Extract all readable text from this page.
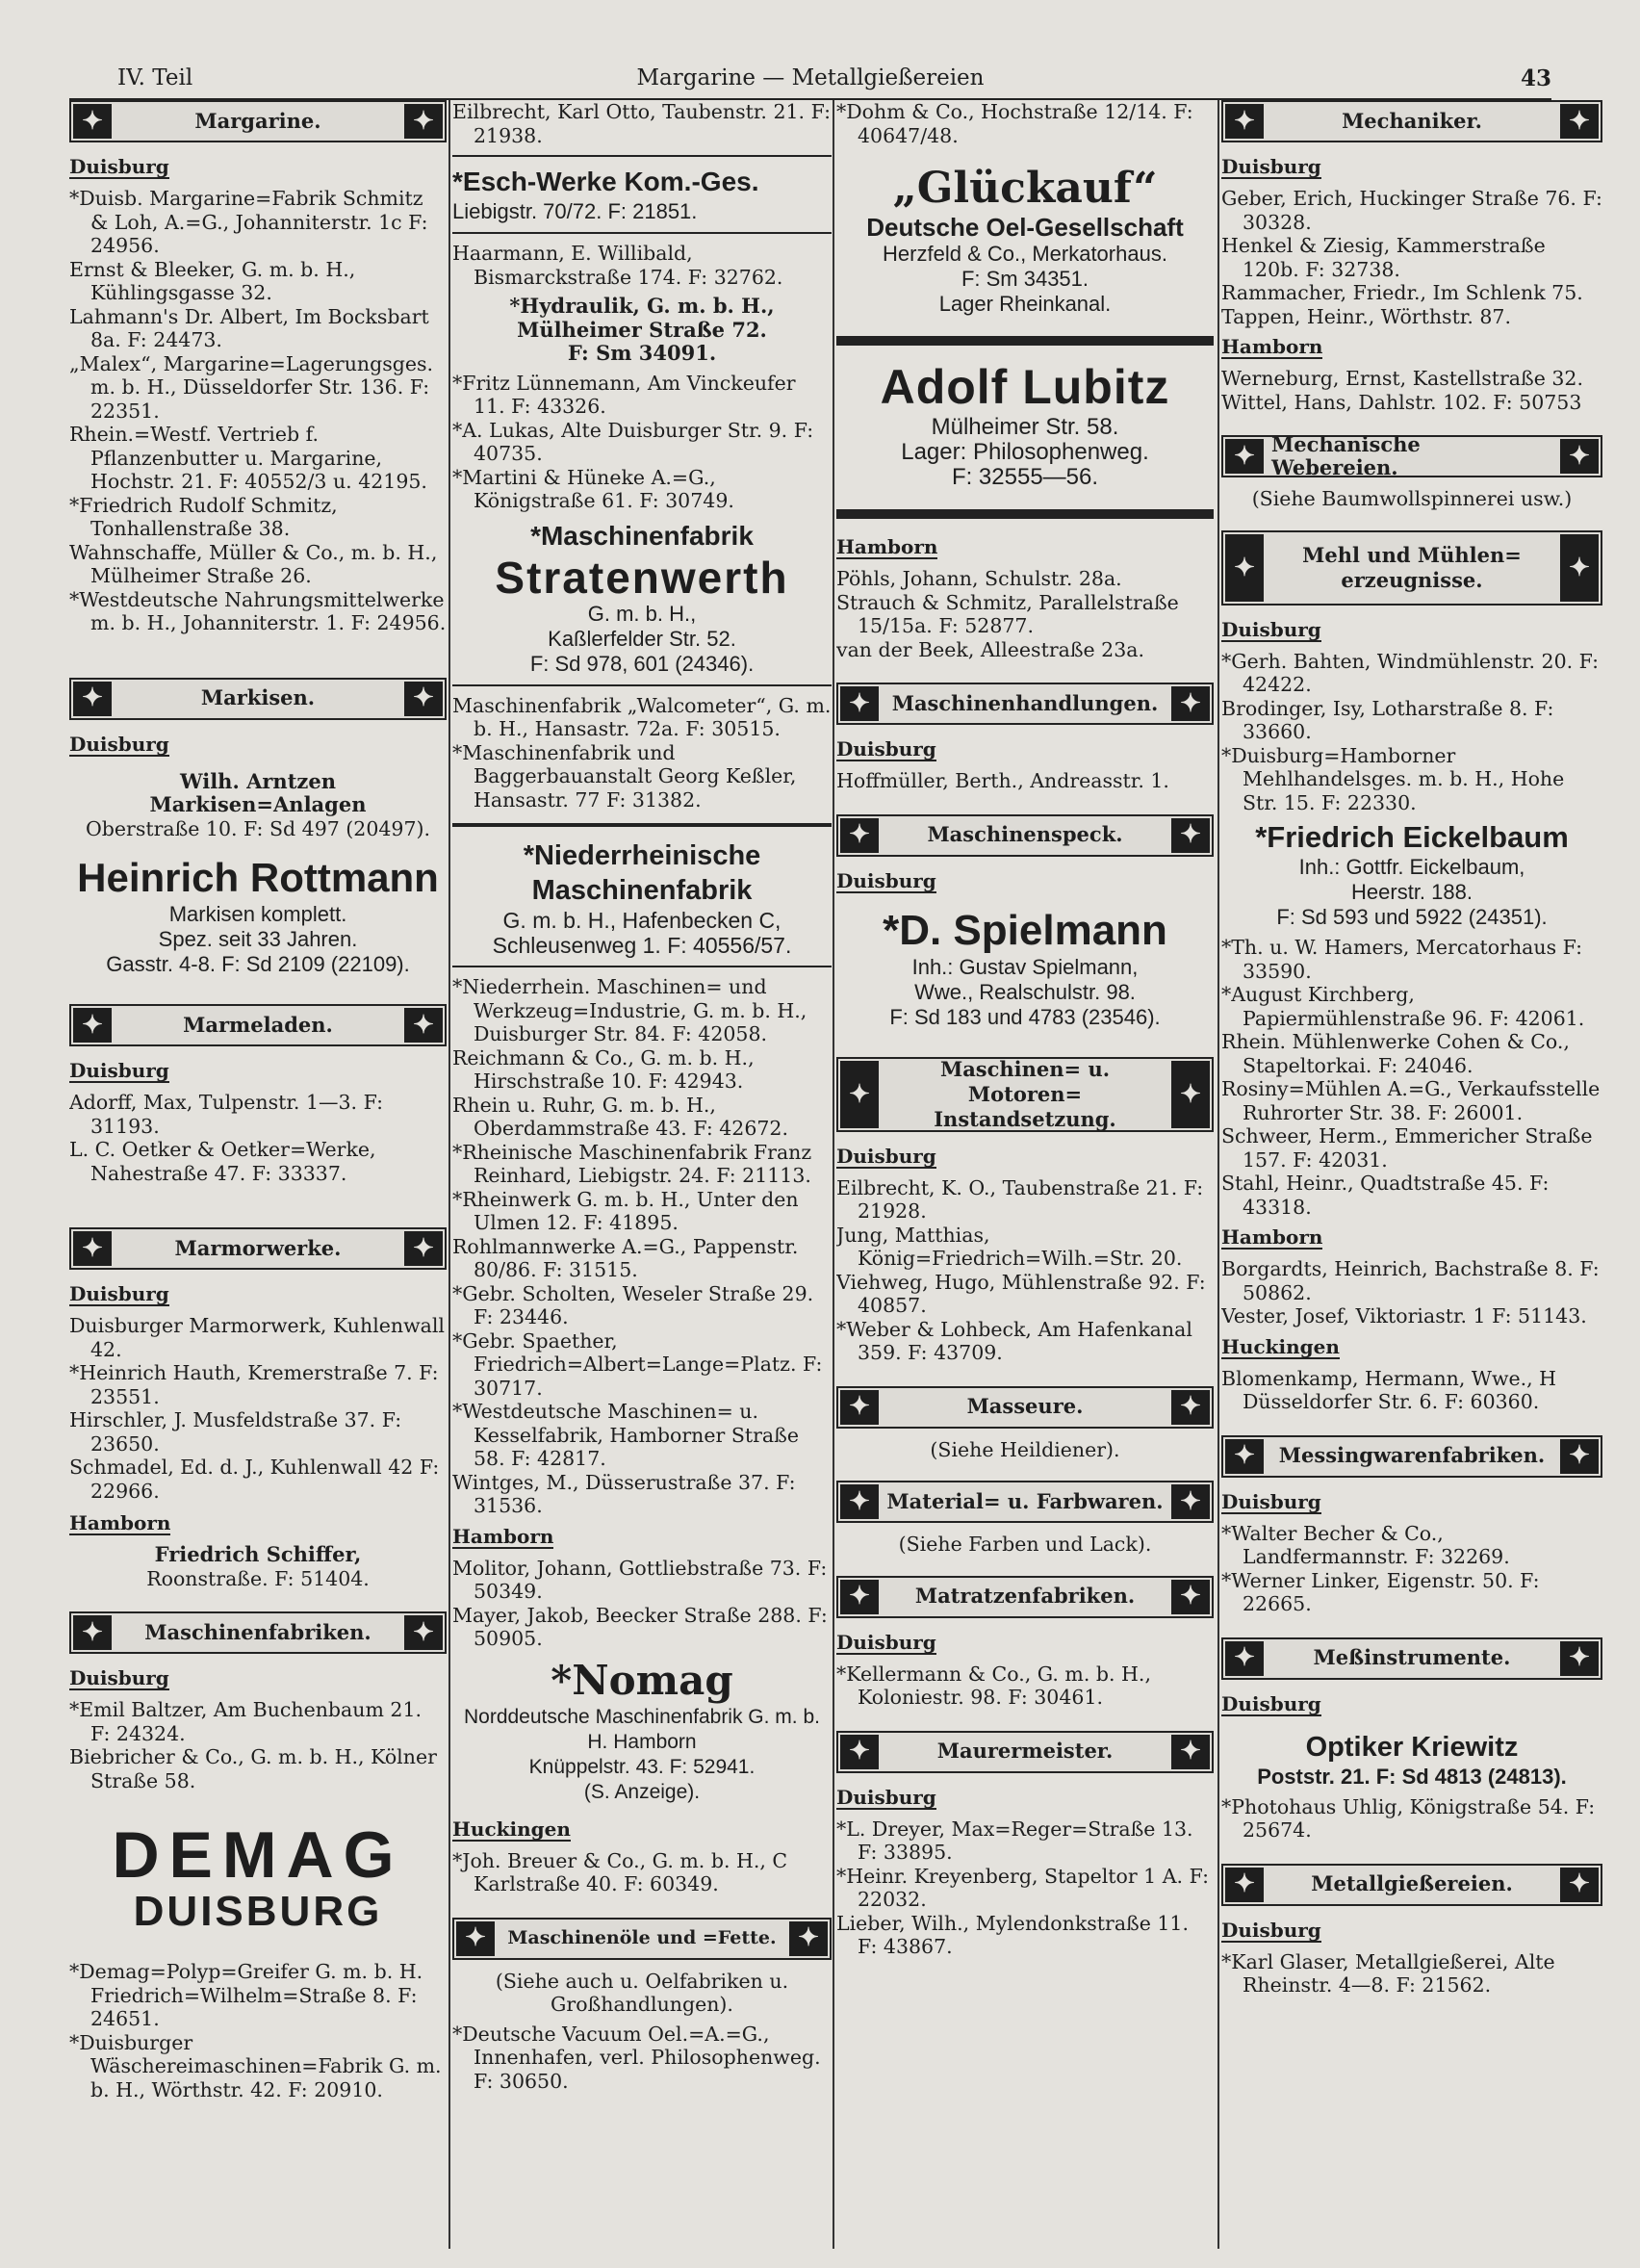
IV. Teil	Margarine — Metallgießereien	43
✦	Margarine.	✦
Duisburg

*Duisb. Margarine=Fabrik Schmitz & Loh, A.=G., Johanniterstr. 1c F: 24956.

Ernst & Bleeker, G. m. b. H., Kühlingsgasse 32.

Lahmann's Dr. Albert, Im Bocksbart 8a. F: 24473.

„Malex“, Margarine=Lagerungsges. m. b. H., Düsseldorfer Str. 136. F: 22351.

Rhein.=Westf. Vertrieb f. Pflanzenbutter u. Margarine, Hochstr. 21. F: 40552/3 u. 42195.

*Friedrich Rudolf Schmitz, Tonhallenstraße 38.

Wahnschaffe, Müller & Co., m. b. H., Mülheimer Straße 26.

*Westdeutsche Nahrungsmittelwerke m. b. H., Johanniterstr. 1. F: 24956.

✦	Markisen.	✦
Duisburg
Wilh. Arntzen
Markisen=Anlagen
Oberstraße 10. F: Sd 497 (20497).
Heinrich Rottmann
Markisen komplett.
Spez. seit 33 Jahren.
Gasstr. 4-8. F: Sd 2109 (22109).
✦	Marmeladen.	✦
Duisburg

Adorff, Max, Tulpenstr. 1—3. F: 31193.

L. C. Oetker & Oetker=Werke, Nahestraße 47. F: 33337.

✦	Marmorwerke.	✦
Duisburg

Duisburger Marmorwerk, Kuhlenwall 42.

*Heinrich Hauth, Kremerstraße 7. F: 23551.

Hirschler, J. Musfeldstraße 37. F: 23650.

Schmadel, Ed. d. J., Kuhlenwall 42 F: 22966.

Hamborn
Friedrich Schiffer,
Roonstraße. F: 51404.
✦	Maschinenfabriken.	✦
Duisburg

*Emil Baltzer, Am Buchenbaum 21. F: 24324.

Biebricher & Co., G. m. b. H., Kölner Straße 58.

DEMAG
DUISBURG

*Demag=Polyp=Greifer G. m. b. H. Friedrich=Wilhelm=Straße 8. F: 24651.

*Duisburger Wäschereimaschinen=Fabrik G. m. b. H., Wörthstr. 42. F: 20910.

Eilbrecht, Karl Otto, Taubenstr. 21. F: 21938.

*Esch-Werke Kom.-Ges.
Liebigstr. 70/72. F: 21851.

Haarmann, E. Willibald, Bismarckstraße 174. F: 32762.

*Hydraulik, G. m. b. H.,
Mülheimer Straße 72.
F: Sm 34091.

*Fritz Lünnemann, Am Vinckeufer 11. F: 43326.

*A. Lukas, Alte Duisburger Str. 9. F: 40735.

*Martini & Hüneke A.=G., Königstraße 61. F: 30749.

*Maschinenfabrik
Stratenwerth
G. m. b. H.,
Kaßlerfelder Str. 52.
F: Sd 978, 601 (24346).

Maschinenfabrik „Walcometer“, G. m. b. H., Hansastr. 72a. F: 30515.

*Maschinenfabrik und Baggerbauanstalt Georg Keßler, Hansastr. 77 F: 31382.

*Niederrheinische
Maschinenfabrik
G. m. b. H., Hafenbecken C,
Schleusenweg 1. F: 40556/57.

*Niederrhein. Maschinen= und Werkzeug=Industrie, G. m. b. H., Duisburger Str. 84. F: 42058.

Reichmann & Co., G. m. b. H., Hirschstraße 10. F: 42943.

Rhein u. Ruhr, G. m. b. H., Oberdammstraße 43. F: 42672.

*Rheinische Maschinenfabrik Franz Reinhard, Liebigstr. 24. F: 21113.

*Rheinwerk G. m. b. H., Unter den Ulmen 12. F: 41895.

Rohlmannwerke A.=G., Pappenstr. 80/86. F: 31515.

*Gebr. Scholten, Weseler Straße 29. F: 23446.

*Gebr. Spaether, Friedrich=Albert=Lange=Platz. F: 30717.

*Westdeutsche Maschinen= u. Kesselfabrik, Hamborner Straße 58. F: 42817.

Wintges, M., Düsserustraße 37. F: 31536.

Hamborn

Molitor, Johann, Gottliebstraße 73. F: 50349.

Mayer, Jakob, Beecker Straße 288. F: 50905.

*Nomag
Norddeutsche Maschinenfabrik G. m. b. H. Hamborn
Knüppelstr. 43. F: 52941.
(S. Anzeige).
Huckingen

*Joh. Breuer & Co., G. m. b. H., C Karlstraße 40. F: 60349.

✦	Maschinenöle und =Fette. ✦
(Siehe auch u. Oelfabriken u. Großhandlungen).

*Deutsche Vacuum Oel.=A.=G., Innenhafen, verl. Philosophenweg. F: 30650.

*Dohm & Co., Hochstraße 12/14. F: 40647/48.

„Glückauf“
Deutsche Oel-Gesellschaft
Herzfeld & Co., Merkatorhaus.
F: Sm 34351.
Lager Rheinkanal.
Adolf Lubitz
Mülheimer Str. 58.
Lager: Philosophenweg.
F: 32555—56.
Hamborn

Pöhls, Johann, Schulstr. 28a.

Strauch & Schmitz, Parallelstraße 15/15a. F: 52877.

van der Beek, Alleestraße 23a.

✦	Maschinenhandlungen. ✦
Duisburg

Hoffmüller, Berth., Andreasstr. 1.

✦	Maschinenspeck.	✦
Duisburg
*D. Spielmann
Inh.: Gustav Spielmann,
Wwe., Realschulstr. 98.
F: Sd 183 und 4783 (23546).
✦
Maschinen= u. Motoren=
Instandsetzung.
✦
Duisburg

Eilbrecht, K. O., Taubenstraße 21. F: 21928.

Jung, Matthias, König=Friedrich=Wilh.=Str. 20.

Viehweg, Hugo, Mühlenstraße 92. F: 40857.

*Weber & Lohbeck, Am Hafenkanal 359. F: 43709.

✦	Masseure.	✦
(Siehe Heildiener).
✦ Material= u. Farbwaren. ✦
(Siehe Farben und Lack).
✦	Matratzenfabriken.	✦
Duisburg

*Kellermann & Co., G. m. b. H., Koloniestr. 98. F: 30461.

✦	Maurermeister.	✦
Duisburg

*L. Dreyer, Max=Reger=Straße 13. F: 33895.

*Heinr. Kreyenberg, Stapeltor 1 A. F: 22032.

Lieber, Wilh., Mylendonkstraße 11. F: 43867.

✦	Mechaniker.	✦
Duisburg

Geber, Erich, Huckinger Straße 76. F: 30328.

Henkel & Ziesig, Kammerstraße 120b. F: 32738.

Rammacher, Friedr., Im Schlenk 75.

Tappen, Heinr., Wörthstr. 87.

Hamborn

Werneburg, Ernst, Kastellstraße 32.

Wittel, Hans, Dahlstr. 102. F: 50753

✦ Mechanische Webereien.	✦
(Siehe Baumwollspinnerei usw.)
✦	Mehl und Mühlen=
erzeugnisse.	✦
Duisburg

*Gerh. Bahten, Windmühlenstr. 20. F: 42422.

Brodinger, Isy, Lotharstraße 8. F: 33660.

*Duisburg=Hamborner Mehlhandelsges. m. b. H., Hohe Str. 15. F: 22330.

*Friedrich Eickelbaum
Inh.: Gottfr. Eickelbaum,
Heerstr. 188.
F: Sd 593 und 5922 (24351).

*Th. u. W. Hamers, Mercatorhaus F: 33590.

*August Kirchberg, Papiermühlenstraße 96. F: 42061.

Rhein. Mühlenwerke Cohen & Co., Stapeltorkai. F: 24046.

Rosiny=Mühlen A.=G., Verkaufsstelle Ruhrorter Str. 38. F: 26001.

Schweer, Herm., Emmericher Straße 157. F: 42031.

Stahl, Heinr., Quadtstraße 45. F: 43318.

Hamborn

Borgardts, Heinrich, Bachstraße 8. F: 50862.

Vester, Josef, Viktoriastr. 1 F: 51143.

Huckingen

Blomenkamp, Hermann, Wwe., H Düsseldorfer Str. 6. F: 60360.

✦	Messingwarenfabriken. ✦
Duisburg

*Walter Becher & Co., Landfermannstr. F: 32269.

*Werner Linker, Eigenstr. 50. F: 22665.

✦	Meßinstrumente.	✦
Duisburg
Optiker Kriewitz
Poststr. 21. F: Sd 4813 (24813).

*Photohaus Uhlig, Königstraße 54. F: 25674.

✦	Metallgießereien.	✦
Duisburg

*Karl Glaser, Metallgießerei, Alte Rheinstr. 4—8. F: 21562.
